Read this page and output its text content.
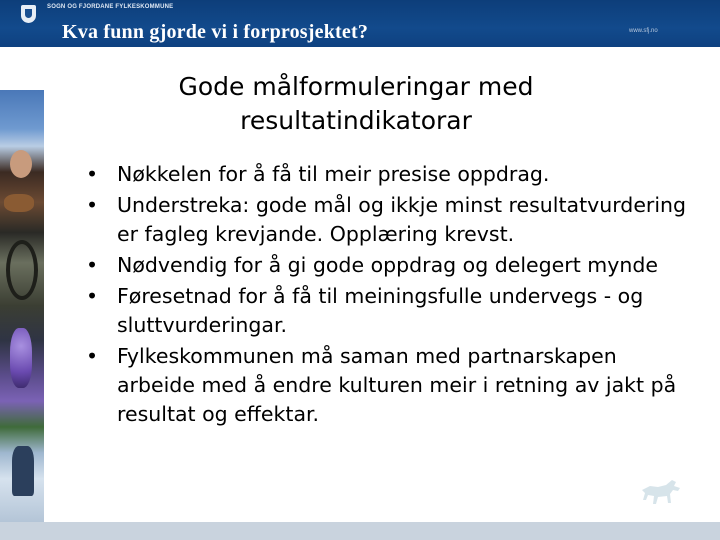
SOGN OG FJORDANE FYLKESKOMMUNE
Kva funn gjorde vi i forprosjektet?	www.sfj.no
Gode målformuleringar med resultatindikatorar
• Nøkkelen for å få til meir presise oppdrag.
• Understreka: gode mål og ikkje minst resultatvurdering er fagleg krevjande. Opplæring krevst.
• Nødvendig for å gi gode oppdrag og delegert mynde
• Føresetnad for å få til meiningsfulle undervegs - og sluttvurderingar.
• Fylkeskommunen må saman med partnarskapen arbeide med å endre kulturen meir i retning av jakt på resultat og effektar.
